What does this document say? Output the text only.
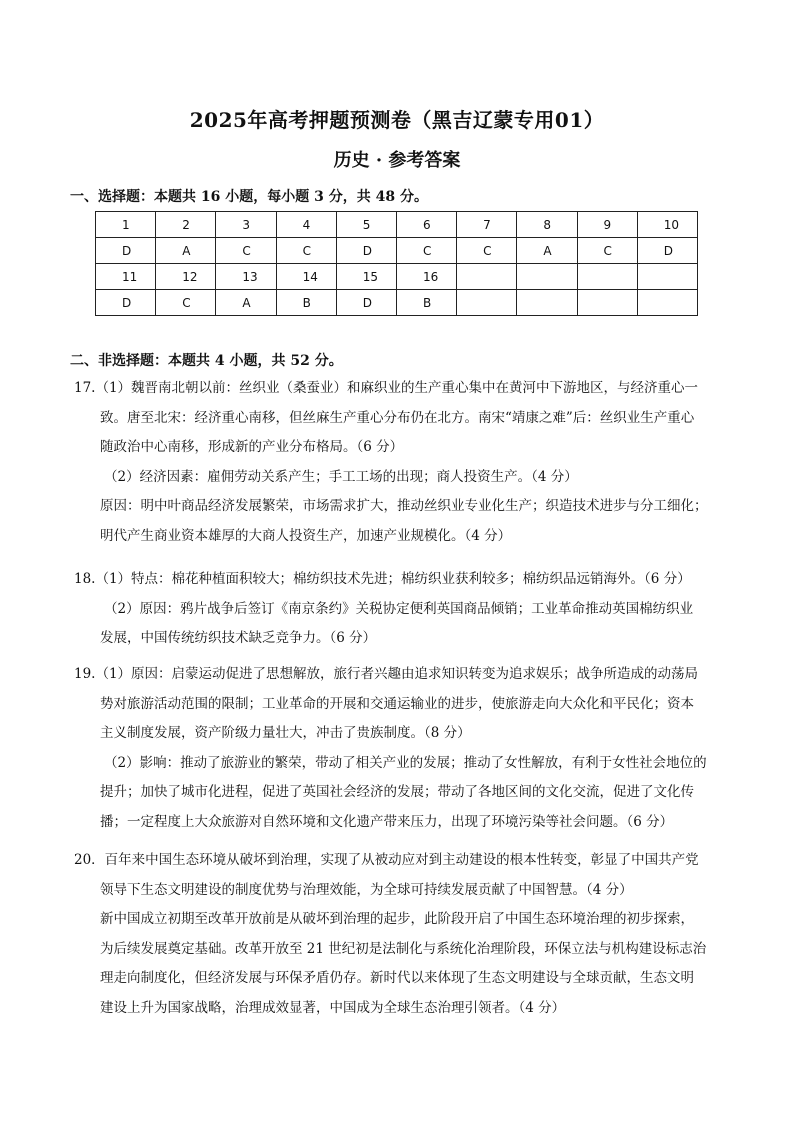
2025年高考押题预测卷（黑吉辽蒙专用01）
历史 · 参考答案
一、选择题：本题共 16 小题，每小题 3 分，共 48 分。
1	2	3	4	5	6	7	8	9	10
D	A	C	C	D	C	C	A	C	D
11	12	13	14	15	16				
D	C	A	B	D	B				
二、非选择题：本题共 4 小题，共 52 分。

17.（1）魏晋南北朝以前：丝织业（桑蚕业）和麻织业的生产重心集中在黄河中下游地区，与经济重心一

致。唐至北宋：经济重心南移，但丝麻生产重心分布仍在北方。南宋“靖康之难”后：丝织业生产重心

随政治中心南移，形成新的产业分布格局。（6 分）

（2）经济因素：雇佣劳动关系产生；手工工场的出现；商人投资生产。（4 分）

原因：明中叶商品经济发展繁荣，市场需求扩大，推动丝织业专业化生产；织造技术进步与分工细化；

明代产生商业资本雄厚的大商人投资生产，加速产业规模化。（4 分）

18.（1）特点：棉花种植面积较大；棉纺织技术先进；棉纺织业获利较多；棉纺织品远销海外。（6 分）

（2）原因：鸦片战争后签订《南京条约》关税协定便利英国商品倾销；工业革命推动英国棉纺织业

发展，中国传统纺织技术缺乏竞争力。（6 分）

19.（1）原因：启蒙运动促进了思想解放，旅行者兴趣由追求知识转变为追求娱乐；战争所造成的动荡局

势对旅游活动范围的限制；工业革命的开展和交通运输业的进步，使旅游走向大众化和平民化；资本

主义制度发展，资产阶级力量壮大，冲击了贵族制度。（8 分）

（2）影响：推动了旅游业的繁荣，带动了相关产业的发展；推动了女性解放，有利于女性社会地位的

提升；加快了城市化进程，促进了英国社会经济的发展；带动了各地区间的文化交流，促进了文化传

播；一定程度上大众旅游对自然环境和文化遗产带来压力，出现了环境污染等社会问题。（6 分）

20．百年来中国生态环境从破坏到治理，实现了从被动应对到主动建设的根本性转变，彰显了中国共产党

领导下生态文明建设的制度优势与治理效能，为全球可持续发展贡献了中国智慧。（4 分）

新中国成立初期至改革开放前是从破坏到治理的起步，此阶段开启了中国生态环境治理的初步探索，

为后续发展奠定基础。改革开放至 21 世纪初是法制化与系统化治理阶段，环保立法与机构建设标志治

理走向制度化，但经济发展与环保矛盾仍存。新时代以来体现了生态文明建设与全球贡献，生态文明

建设上升为国家战略，治理成效显著，中国成为全球生态治理引领者。（4 分）
